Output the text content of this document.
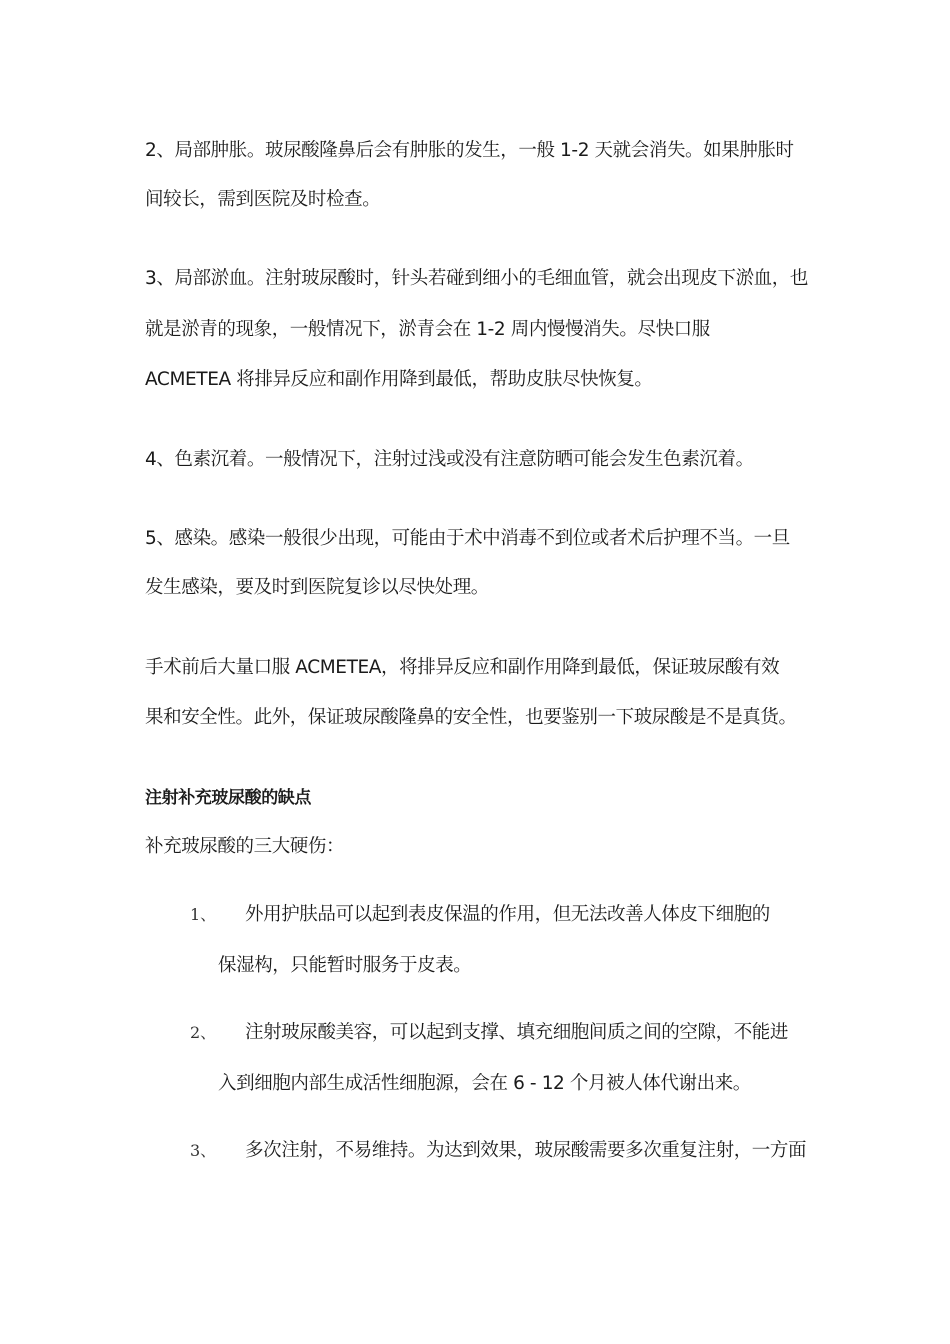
2、局部肿胀。玻尿酸隆鼻后会有肿胀的发生，一般 1-2 天就会消失。如果肿胀时
间较长，需到医院及时检查。
3、局部淤血。注射玻尿酸时，针头若碰到细小的毛细血管，就会出现皮下淤血，也
就是淤青的现象，一般情况下，淤青会在 1-2 周内慢慢消失。尽快口服
ACMETEA 将排异反应和副作用降到最低，帮助皮肤尽快恢复。
4、色素沉着。一般情况下，注射过浅或没有注意防晒可能会发生色素沉着。
5、感染。感染一般很少出现，可能由于术中消毒不到位或者术后护理不当。一旦
发生感染，要及时到医院复诊以尽快处理。
手术前后大量口服 ACMETEA，将排异反应和副作用降到最低，保证玻尿酸有效
果和安全性。此外，保证玻尿酸隆鼻的安全性，也要鉴别一下玻尿酸是不是真货。
注射补充玻尿酸的缺点
补充玻尿酸的三大硬伤：
1、 外用护肤品可以起到表皮保温的作用，但无法改善人体皮下细胞的
保湿构，只能暂时服务于皮表。
2、 注射玻尿酸美容，可以起到支撑、填充细胞间质之间的空隙，不能进
入到细胞内部生成活性细胞源，会在 6 - 12 个月被人体代谢出来。
3、 多次注射，不易维持。为达到效果，玻尿酸需要多次重复注射，一方面
